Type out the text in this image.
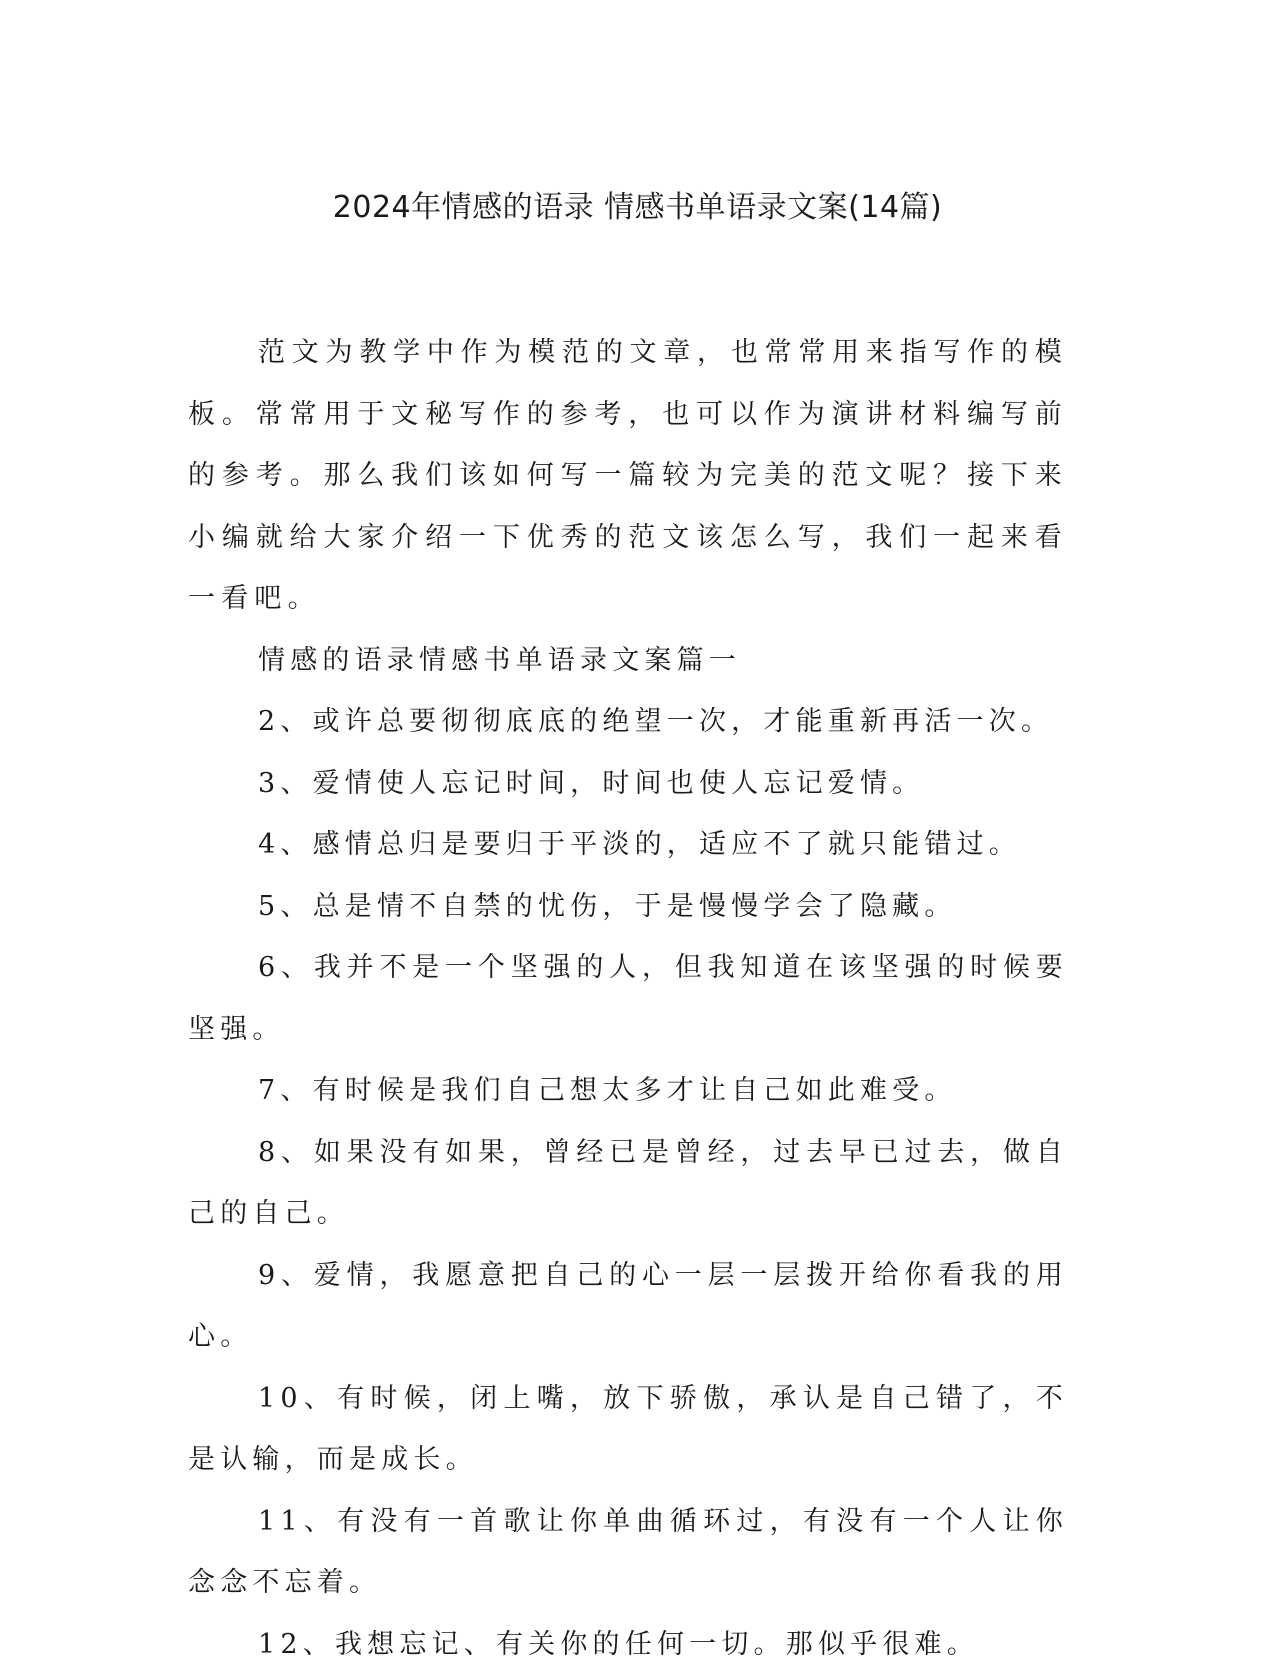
2024年情感的语录 情感书单语录文案(14篇)

范文为教学中作为模范的文章，也常常用来指写作的模板。常常用于文秘写作的参考，也可以作为演讲材料编写前的参考。那么我们该如何写一篇较为完美的范文呢？接下来小编就给大家介绍一下优秀的范文该怎么写，我们一起来看一看吧。

情感的语录情感书单语录文案篇一

2、或许总要彻彻底底的绝望一次，才能重新再活一次。

3、爱情使人忘记时间，时间也使人忘记爱情。

4、感情总归是要归于平淡的，适应不了就只能错过。

5、总是情不自禁的忧伤，于是慢慢学会了隐藏。

6、我并不是一个坚强的人，但我知道在该坚强的时候要坚强。

7、有时候是我们自己想太多才让自己如此难受。

8、如果没有如果，曾经已是曾经，过去早已过去，做自己的自己。

9、爱情，我愿意把自己的心一层一层拨开给你看我的用心。

10、有时候，闭上嘴，放下骄傲，承认是自己错了，不是认输，而是成长。

11、有没有一首歌让你单曲循环过，有没有一个人让你念念不忘着。

12、我想忘记、有关你的任何一切。那似乎很难。
